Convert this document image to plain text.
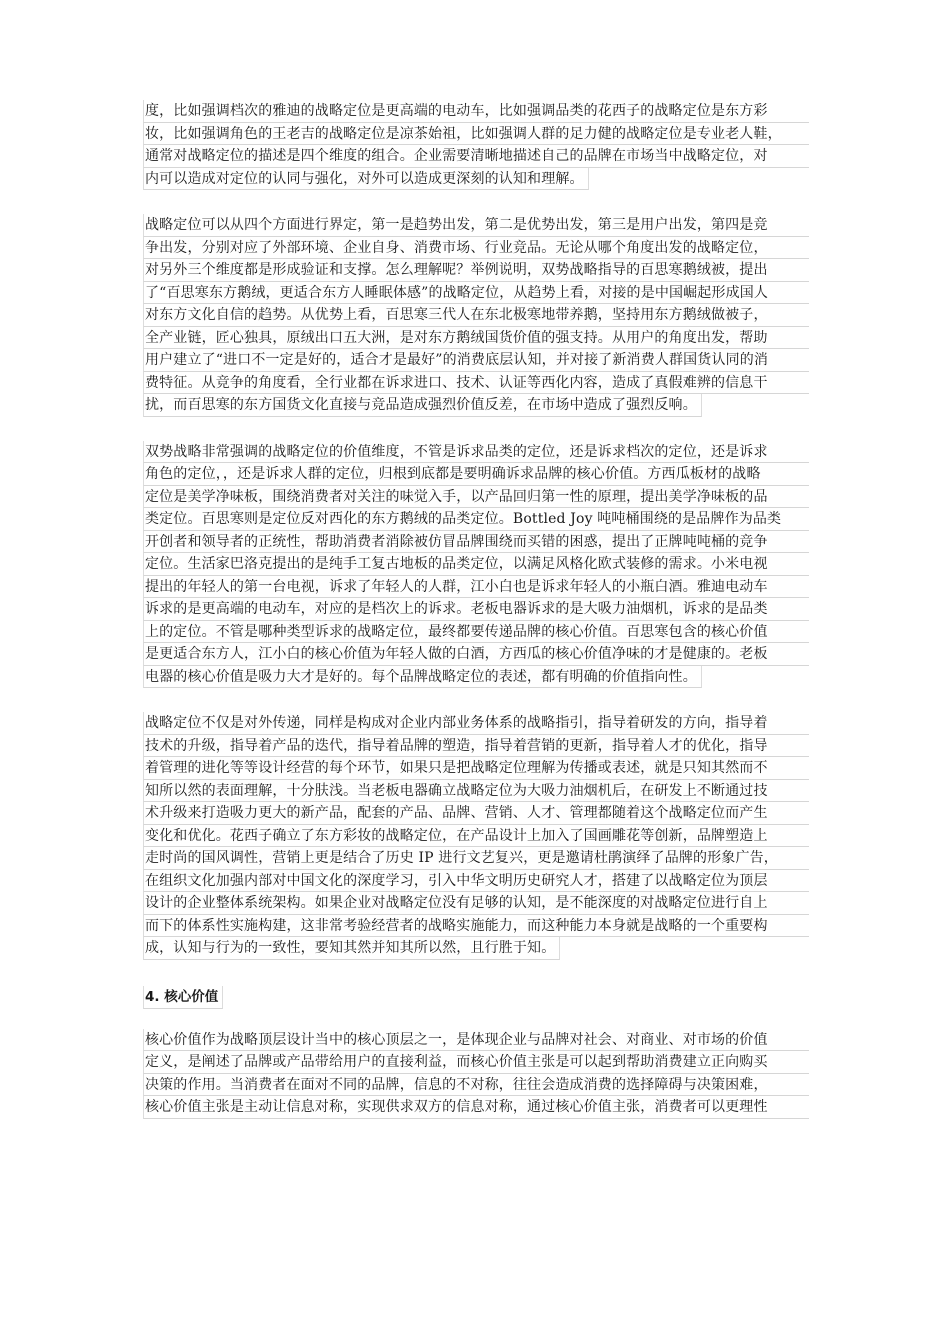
度，比如强调档次的雅迪的战略定位是更高端的电动车，比如强调品类的花西子的战略定位是东方彩
妆，比如强调角色的王老吉的战略定位是凉茶始祖，比如强调人群的足力健的战略定位是专业老人鞋，
通常对战略定位的描述是四个维度的组合。企业需要清晰地描述自己的品牌在市场当中战略定位，对
内可以造成对定位的认同与强化，对外可以造成更深刻的认知和理解。
战略定位可以从四个方面进行界定，第一是趋势出发，第二是优势出发，第三是用户出发，第四是竞
争出发，分别对应了外部环境、企业自身、消费市场、行业竞品。无论从哪个角度出发的战略定位，
对另外三个维度都是形成验证和支撑。怎么理解呢？举例说明，双势战略指导的百思寒鹅绒被，提出
了“百思寒东方鹅绒，更适合东方人睡眠体感”的战略定位，从趋势上看，对接的是中国崛起形成国人
对东方文化自信的趋势。从优势上看，百思寒三代人在东北极寒地带养鹅，坚持用东方鹅绒做被子，
全产业链，匠心独具，原绒出口五大洲，是对东方鹅绒国货价值的强支持。从用户的角度出发，帮助
用户建立了“进口不一定是好的，适合才是最好”的消费底层认知，并对接了新消费人群国货认同的消
费特征。从竞争的角度看，全行业都在诉求进口、技术、认证等西化内容，造成了真假难辨的信息干
扰，而百思寒的东方国货文化直接与竞品造成强烈价值反差，在市场中造成了强烈反响。
双势战略非常强调的战略定位的价值维度，不管是诉求品类的定位，还是诉求档次的定位，还是诉求
角色的定位，，还是诉求人群的定位，归根到底都是要明确诉求品牌的核心价值。方西瓜板材的战略
定位是美学净味板，围绕消费者对关注的味觉入手，以产品回归第一性的原理，提出美学净味板的品
类定位。百思寒则是定位反对西化的东方鹅绒的品类定位。Bottled Joy 吨吨桶围绕的是品牌作为品类
开创者和领导者的正统性，帮助消费者消除被仿冒品牌围绕而买错的困惑，提出了正牌吨吨桶的竞争
定位。生活家巴洛克提出的是纯手工复古地板的品类定位，以满足风格化欧式装修的需求。小米电视
提出的年轻人的第一台电视，诉求了年轻人的人群，江小白也是诉求年轻人的小瓶白酒。雅迪电动车
诉求的是更高端的电动车，对应的是档次上的诉求。老板电器诉求的是大吸力油烟机，诉求的是品类
上的定位。不管是哪种类型诉求的战略定位，最终都要传递品牌的核心价值。百思寒包含的核心价值
是更适合东方人，江小白的核心价值为年轻人做的白酒，方西瓜的核心价值净味的才是健康的。老板
电器的核心价值是吸力大才是好的。每个品牌战略定位的表述，都有明确的价值指向性。
战略定位不仅是对外传递，同样是构成对企业内部业务体系的战略指引，指导着研发的方向，指导着
技术的升级，指导着产品的迭代，指导着品牌的塑造，指导着营销的更新，指导着人才的优化，指导
着管理的进化等等设计经营的每个环节，如果只是把战略定位理解为传播或表述，就是只知其然而不
知所以然的表面理解，十分肤浅。当老板电器确立战略定位为大吸力油烟机后，在研发上不断通过技
术升级来打造吸力更大的新产品，配套的产品、品牌、营销、人才、管理都随着这个战略定位而产生
变化和优化。花西子确立了东方彩妆的战略定位，在产品设计上加入了国画雕花等创新，品牌塑造上
走时尚的国风调性，营销上更是结合了历史 IP 进行文艺复兴，更是邀请杜鹃演绎了品牌的形象广告，
在组织文化加强内部对中国文化的深度学习，引入中华文明历史研究人才，搭建了以战略定位为顶层
设计的企业整体系统架构。如果企业对战略定位没有足够的认知，是不能深度的对战略定位进行自上
而下的体系性实施构建，这非常考验经营者的战略实施能力，而这种能力本身就是战略的一个重要构
成，认知与行为的一致性，要知其然并知其所以然，且行胜于知。
4. 核心价值
核心价值作为战略顶层设计当中的核心顶层之一，是体现企业与品牌对社会、对商业、对市场的价值
定义，是阐述了品牌或产品带给用户的直接利益，而核心价值主张是可以起到帮助消费建立正向购买
决策的作用。当消费者在面对不同的品牌，信息的不对称，往往会造成消费的选择障碍与决策困难，
核心价值主张是主动让信息对称，实现供求双方的信息对称，通过核心价值主张，消费者可以更理性
